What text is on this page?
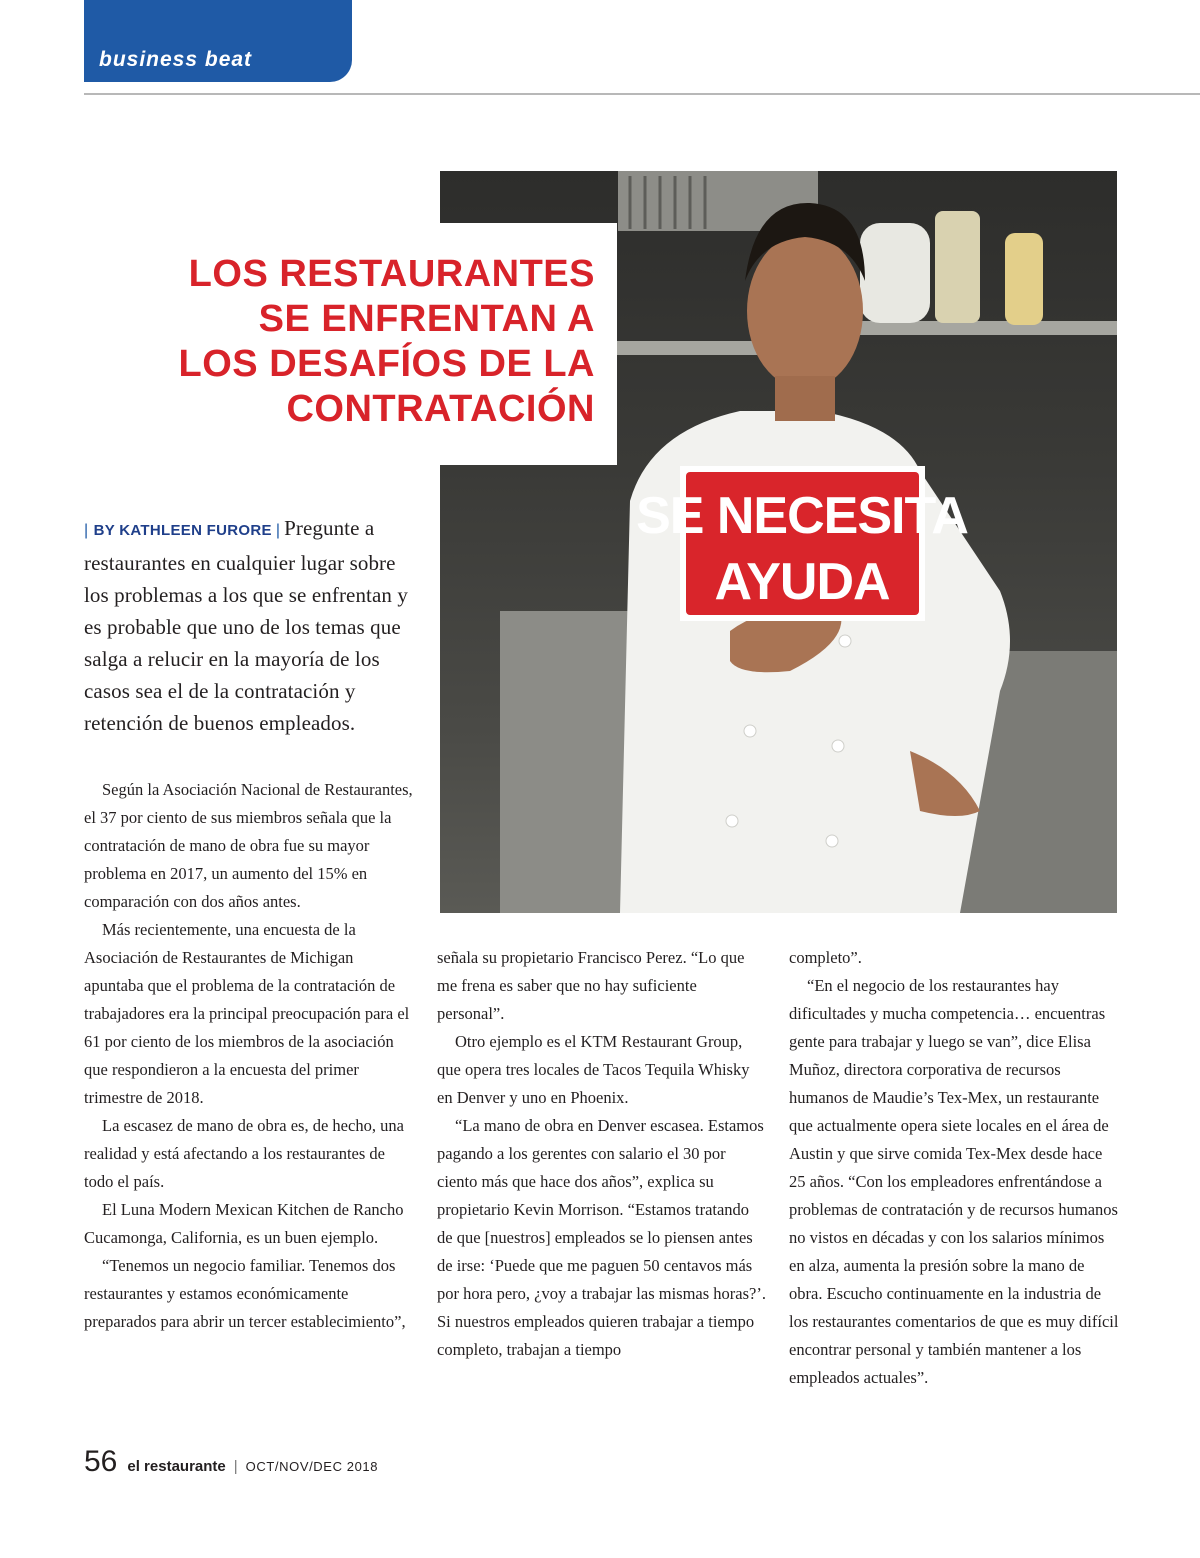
business beat
SE NECESITA
AYUDA
LOS RESTAURANTES
SE ENFRENTAN A
LOS DESAFÍOS DE LA
CONTRATACIÓN
| BY KATHLEEN FURORE | Pregunte a restaurantes en cualquier lugar sobre los problemas a los que se enfrentan y es probable que uno de los temas que salga a relucir en la mayoría de los casos sea el de la contratación y retención de buenos empleados.

Según la Asociación Nacional de Restaurantes, el 37 por ciento de sus miembros señala que la contratación de mano de obra fue su mayor problema en 2017, un aumento del 15% en comparación con dos años antes.

Más recientemente, una encuesta de la Asociación de Restaurantes de Michigan apuntaba que el problema de la contratación de trabajadores era la principal preocupación para el 61 por ciento de los miembros de la asociación que respondieron a la encuesta del primer trimestre de 2018.

La escasez de mano de obra es, de hecho, una realidad y está afectando a los restaurantes de todo el país.

El Luna Modern Mexican Kitchen de Rancho Cucamonga, California, es un buen ejemplo.

“Tenemos un negocio familiar. Tenemos dos restaurantes y estamos económicamente preparados para abrir un tercer establecimiento”,

señala su propietario Francisco Perez. “Lo que me frena es saber que no hay suficiente personal”.

Otro ejemplo es el KTM Restaurant Group, que opera tres locales de Tacos Tequila Whisky en Denver y uno en Phoenix.

“La mano de obra en Denver escasea. Estamos pagando a los gerentes con salario el 30 por ciento más que hace dos años”, explica su propietario Kevin Morrison. “Estamos tratando de que [nuestros] empleados se lo piensen antes de irse: ‘Puede que me paguen 50 centavos más por hora pero, ¿voy a trabajar las mismas horas?’. Si nuestros empleados quieren trabajar a tiempo completo, trabajan a tiempo

completo”.

“En el negocio de los restaurantes hay dificultades y mucha competencia… encuentras gente para trabajar y luego se van”, dice Elisa Muñoz, directora corporativa de recursos humanos de Maudie’s Tex-Mex, un restaurante que actualmente opera siete locales en el área de Austin y que sirve comida Tex-Mex desde hace 25 años. “Con los empleadores enfrentándose a problemas de contratación y de recursos humanos no vistos en décadas y con los salarios mínimos en alza, aumenta la presión sobre la mano de obra. Escucho continuamente en la industria de los restaurantes comentarios de que es muy difícil encontrar personal y también mantener a los empleados actuales”.

56 el restaurante | OCT/NOV/DEC 2018
